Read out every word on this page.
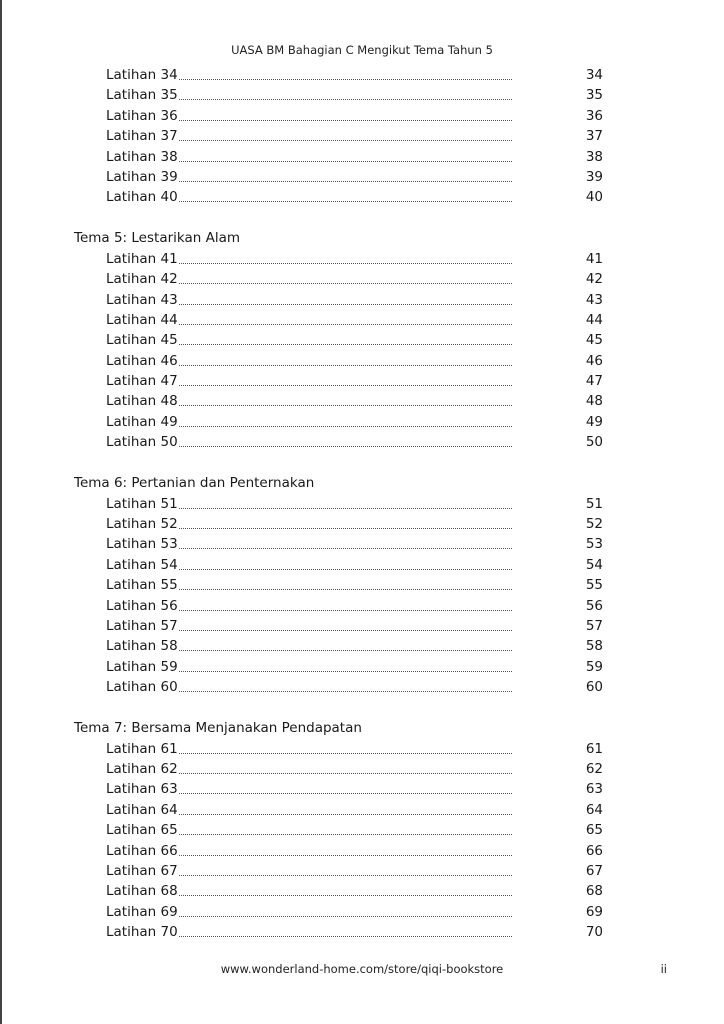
UASA BM Bahagian C Mengikut Tema Tahun 5
Latihan 34	34
Latihan 35	35
Latihan 36	36
Latihan 37	37
Latihan 38	38
Latihan 39	39
Latihan 40	40
Tema 5: Lestarikan Alam
Latihan 41	41
Latihan 42	42
Latihan 43	43
Latihan 44	44
Latihan 45	45
Latihan 46	46
Latihan 47	47
Latihan 48	48
Latihan 49	49
Latihan 50	50
Tema 6: Pertanian dan Penternakan
Latihan 51	51
Latihan 52	52
Latihan 53	53
Latihan 54	54
Latihan 55	55
Latihan 56	56
Latihan 57	57
Latihan 58	58
Latihan 59	59
Latihan 60	60
Tema 7: Bersama Menjanakan Pendapatan
Latihan 61	61
Latihan 62	62
Latihan 63	63
Latihan 64	64
Latihan 65	65
Latihan 66	66
Latihan 67	67
Latihan 68	68
Latihan 69	69
Latihan 70	70
www.wonderland-home.com/store/qiqi-bookstore	ii
